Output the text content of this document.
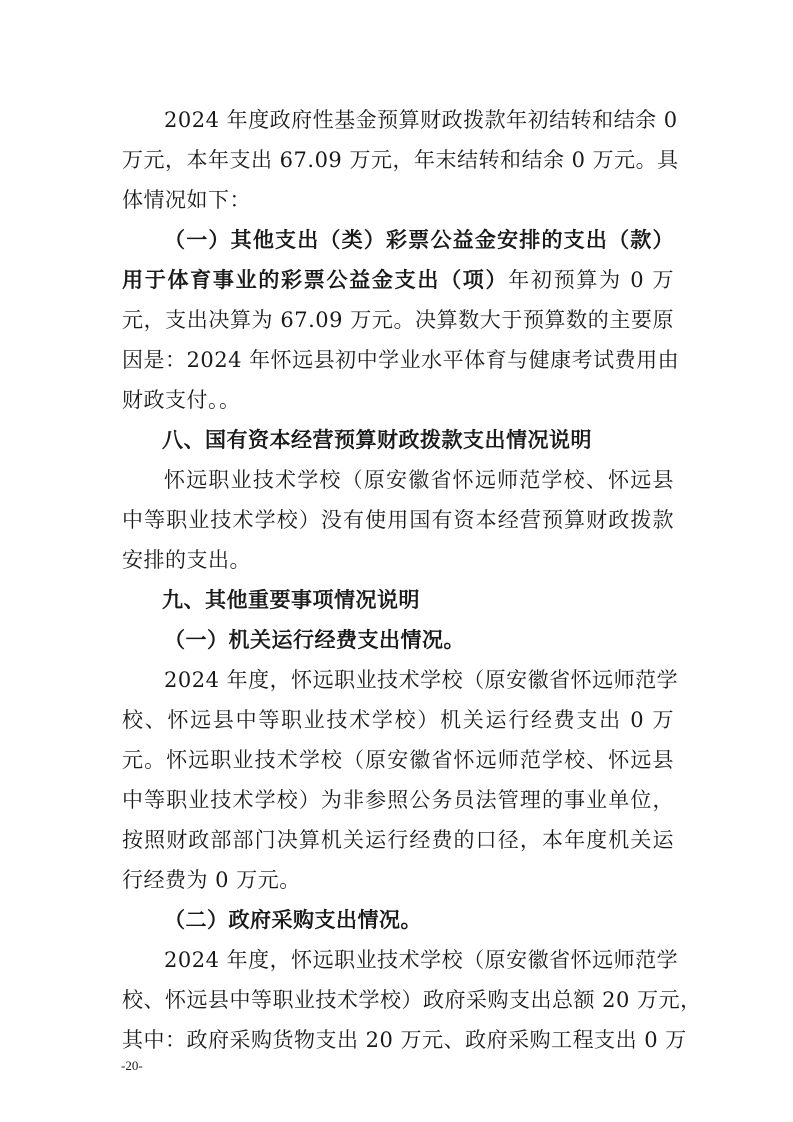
2024 年度政府性基金预算财政拨款年初结转和结余 0
万元，本年支出 67.09 万元，年末结转和结余 0 万元。具
体情况如下：
（一）其他支出（类）彩票公益金安排的支出（款）
用于体育事业的彩票公益金支出（项）年初预算为 0 万
元，支出决算为 67.09 万元。决算数大于预算数的主要原
因是：2024 年怀远县初中学业水平体育与健康考试费用由
财政支付。。
八、国有资本经营预算财政拨款支出情况说明
怀远职业技术学校（原安徽省怀远师范学校、怀远县
中等职业技术学校）没有使用国有资本经营预算财政拨款
安排的支出。
九、其他重要事项情况说明
（一）机关运行经费支出情况。
2024 年度，怀远职业技术学校（原安徽省怀远师范学
校、怀远县中等职业技术学校）机关运行经费支出 0 万
元。怀远职业技术学校（原安徽省怀远师范学校、怀远县
中等职业技术学校）为非参照公务员法管理的事业单位，
按照财政部部门决算机关运行经费的口径，本年度机关运
行经费为 0 万元。
（二）政府采购支出情况。
2024 年度，怀远职业技术学校（原安徽省怀远师范学
校、怀远县中等职业技术学校）政府采购支出总额 20 万元，
其中：政府采购货物支出 20 万元、政府采购工程支出 0 万
-20-
